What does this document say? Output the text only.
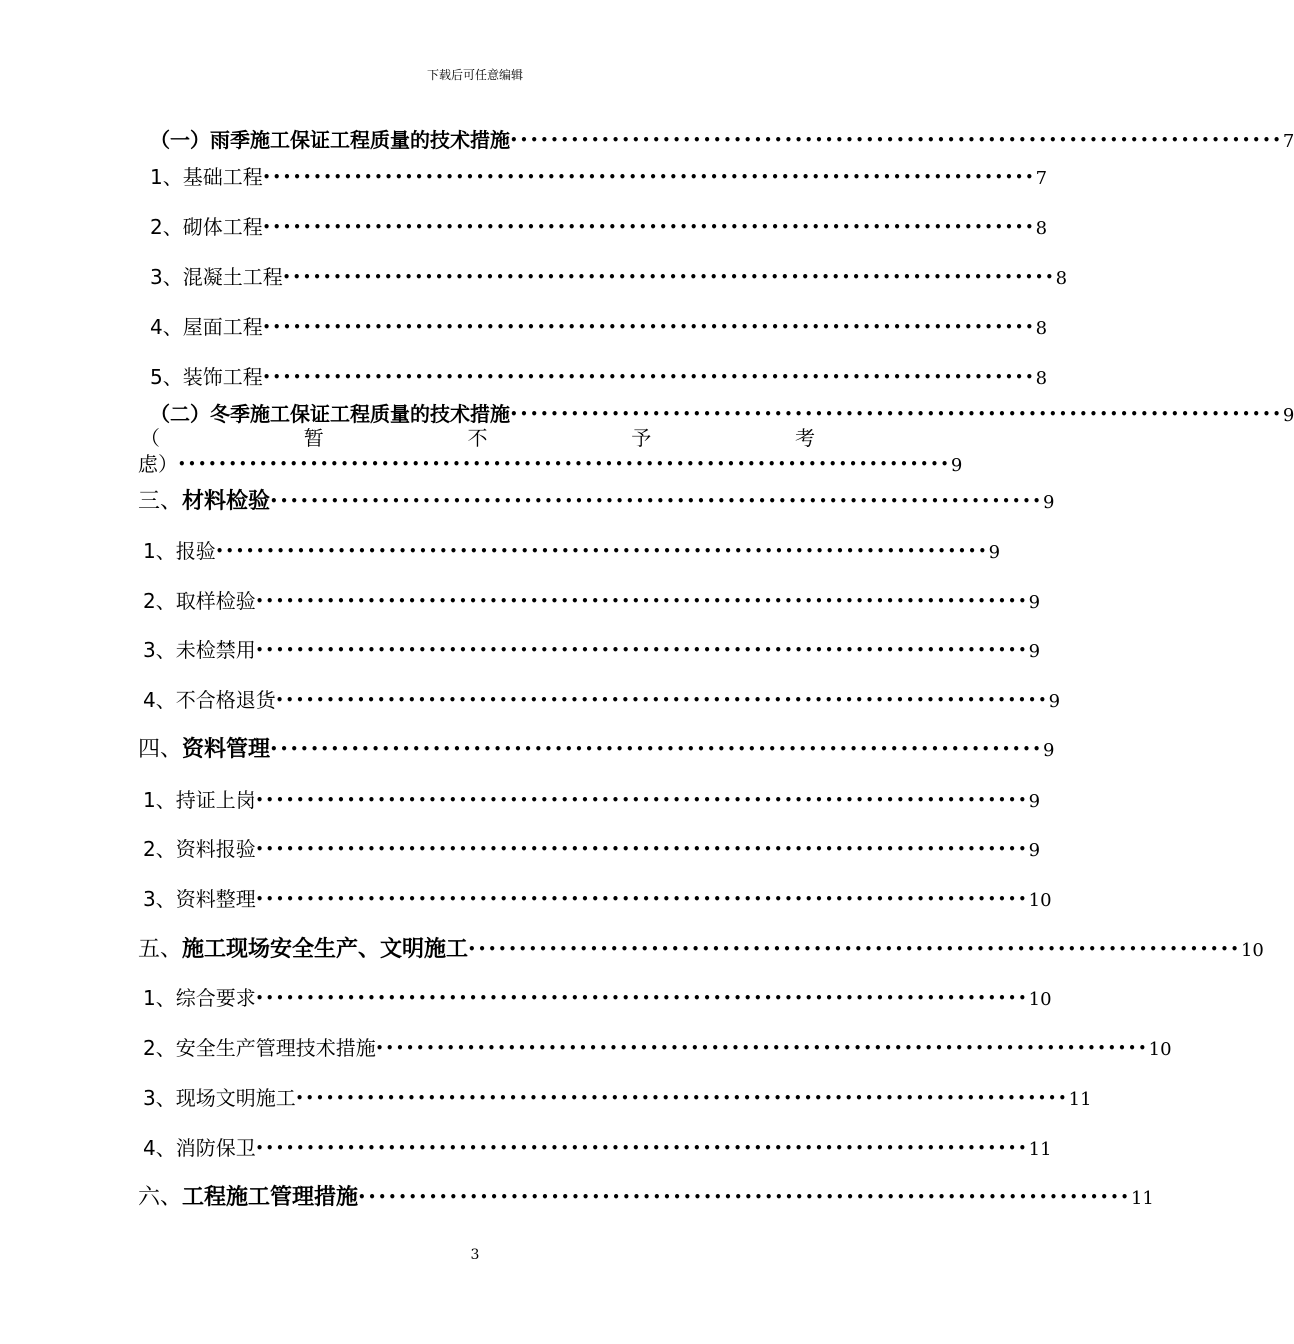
下载后可任意编辑
（一）雨季施工保证工程质量的技术措施 •••••••••••••••••••••••••••••••••••••••••••••••••••••••••••••••••••••••••••• 7
1、基础工程 •••••••••••••••••••••••••••••••••••••••••••••••••••••••••••••••••••••••••••• 7
2、砌体工程 •••••••••••••••••••••••••••••••••••••••••••••••••••••••••••••••••••••••••••• 8
3、混凝土工程 •••••••••••••••••••••••••••••••••••••••••••••••••••••••••••••••••••••••••••• 8
4、屋面工程 •••••••••••••••••••••••••••••••••••••••••••••••••••••••••••••••••••••••••••• 8
5、装饰工程 •••••••••••••••••••••••••••••••••••••••••••••••••••••••••••••••••••••••••••• 8
（二）冬季施工保证工程质量的技术措施 •••••••••••••••••••••••••••••••••••••••••••••••••••••••••••••••••••••••••••• 9
（	暂	不	予	考
虑） •••••••••••••••••••••••••••••••••••••••••••••••••••••••••••••••••••••••••••• 9
三、材料检验 •••••••••••••••••••••••••••••••••••••••••••••••••••••••••••••••••••••••••••• 9
1、报验 •••••••••••••••••••••••••••••••••••••••••••••••••••••••••••••••••••••••••••• 9
2、取样检验 •••••••••••••••••••••••••••••••••••••••••••••••••••••••••••••••••••••••••••• 9
3、未检禁用 •••••••••••••••••••••••••••••••••••••••••••••••••••••••••••••••••••••••••••• 9
4、不合格退货 •••••••••••••••••••••••••••••••••••••••••••••••••••••••••••••••••••••••••••• 9
四、资料管理 •••••••••••••••••••••••••••••••••••••••••••••••••••••••••••••••••••••••••••• 9
1、持证上岗 •••••••••••••••••••••••••••••••••••••••••••••••••••••••••••••••••••••••••••• 9
2、资料报验 •••••••••••••••••••••••••••••••••••••••••••••••••••••••••••••••••••••••••••• 9
3、资料整理 •••••••••••••••••••••••••••••••••••••••••••••••••••••••••••••••••••••••••••• 10
五、施工现场安全生产、文明施工 •••••••••••••••••••••••••••••••••••••••••••••••••••••••••••••••••••••••••••• 10
1、综合要求 •••••••••••••••••••••••••••••••••••••••••••••••••••••••••••••••••••••••••••• 10
2、安全生产管理技术措施 •••••••••••••••••••••••••••••••••••••••••••••••••••••••••••••••••••••••••••• 10
3、现场文明施工 •••••••••••••••••••••••••••••••••••••••••••••••••••••••••••••••••••••••••••• 11
4、消防保卫 •••••••••••••••••••••••••••••••••••••••••••••••••••••••••••••••••••••••••••• 11
六、工程施工管理措施 •••••••••••••••••••••••••••••••••••••••••••••••••••••••••••••••••••••••••••• 11
3
